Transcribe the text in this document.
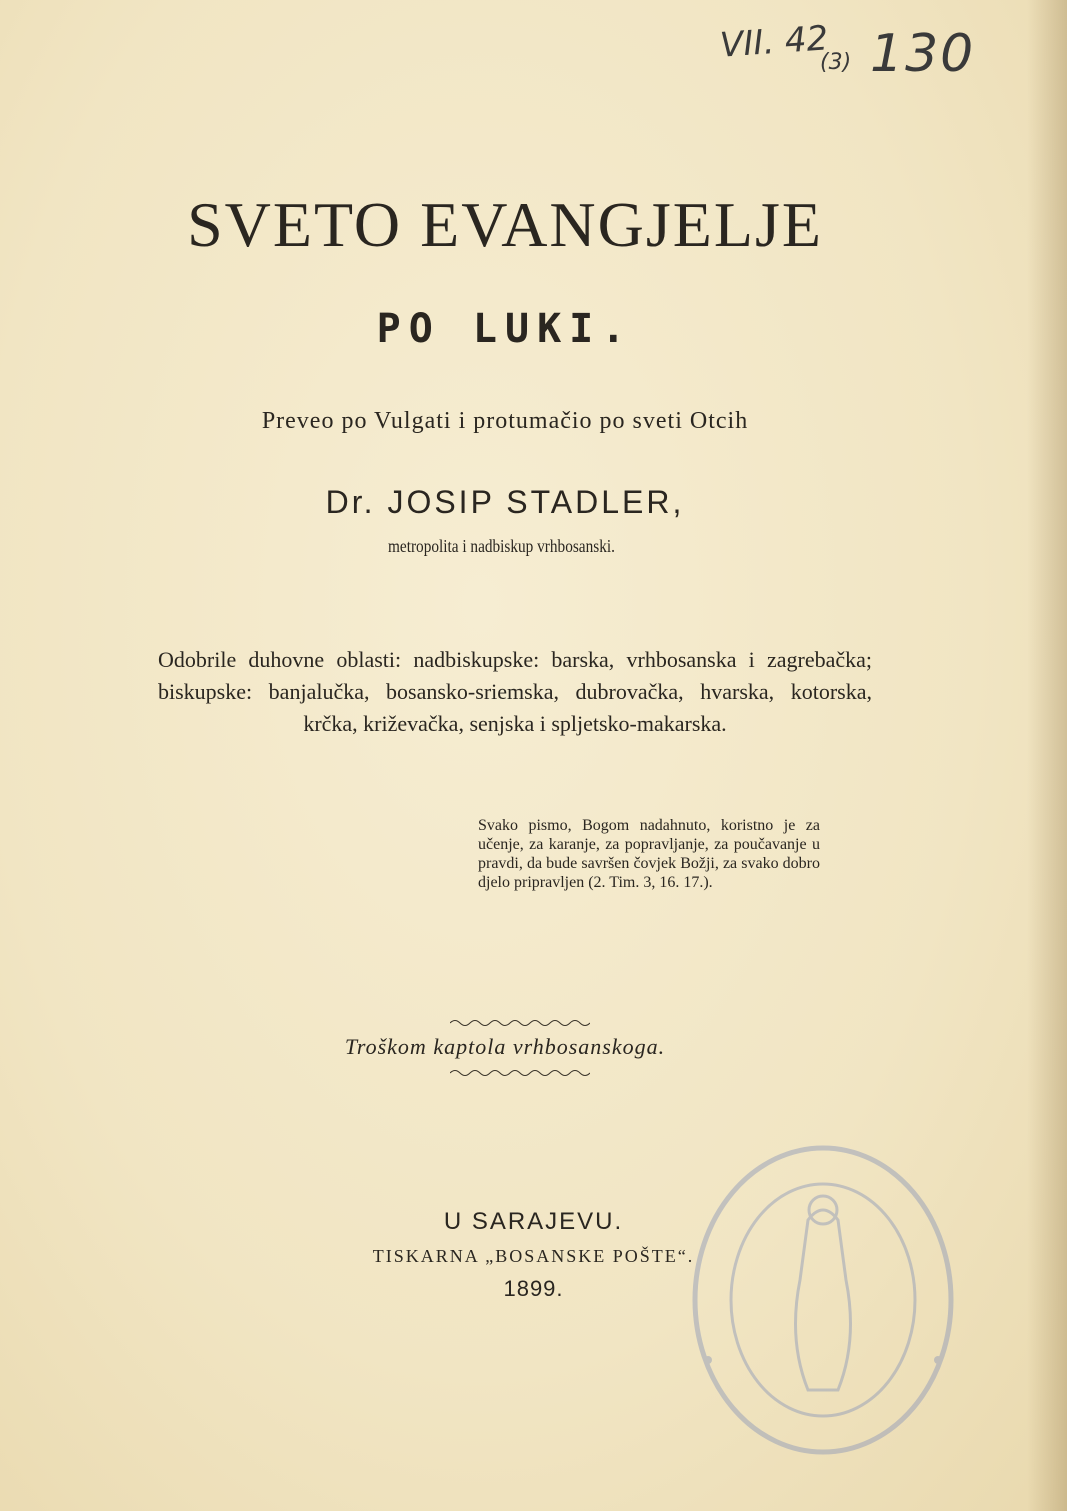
VII. 42
(3) 130
SVETO EVANGJELJE
PO LUKI.
Preveo po Vulgati i protumačio po sveti Otcih
Dr. JOSIP STADLER,
metropolita i nadbiskup vrhbosanski.
Odobrile duhovne oblasti: nadbiskupske: barska, vrhbosanska i zagrebačka; biskupske: banjalučka, bosansko-sriemska, dubrovačka, hvarska, kotorska, krčka, križevačka, senjska i spljetsko-makarska.
Svako pismo, Bogom nadahnuto, koristno je za učenje, za karanje, za popravljanje, za poučavanje u pravdi, da bude savršen čovjek Božji, za svako dobro djelo pripravljen (2. Tim. 3, 16. 17.).
Troškom kaptola vrhbosanskoga.
U SARAJEVU.
TISKARNA „BOSANSKE POŠTE“.
1899.
